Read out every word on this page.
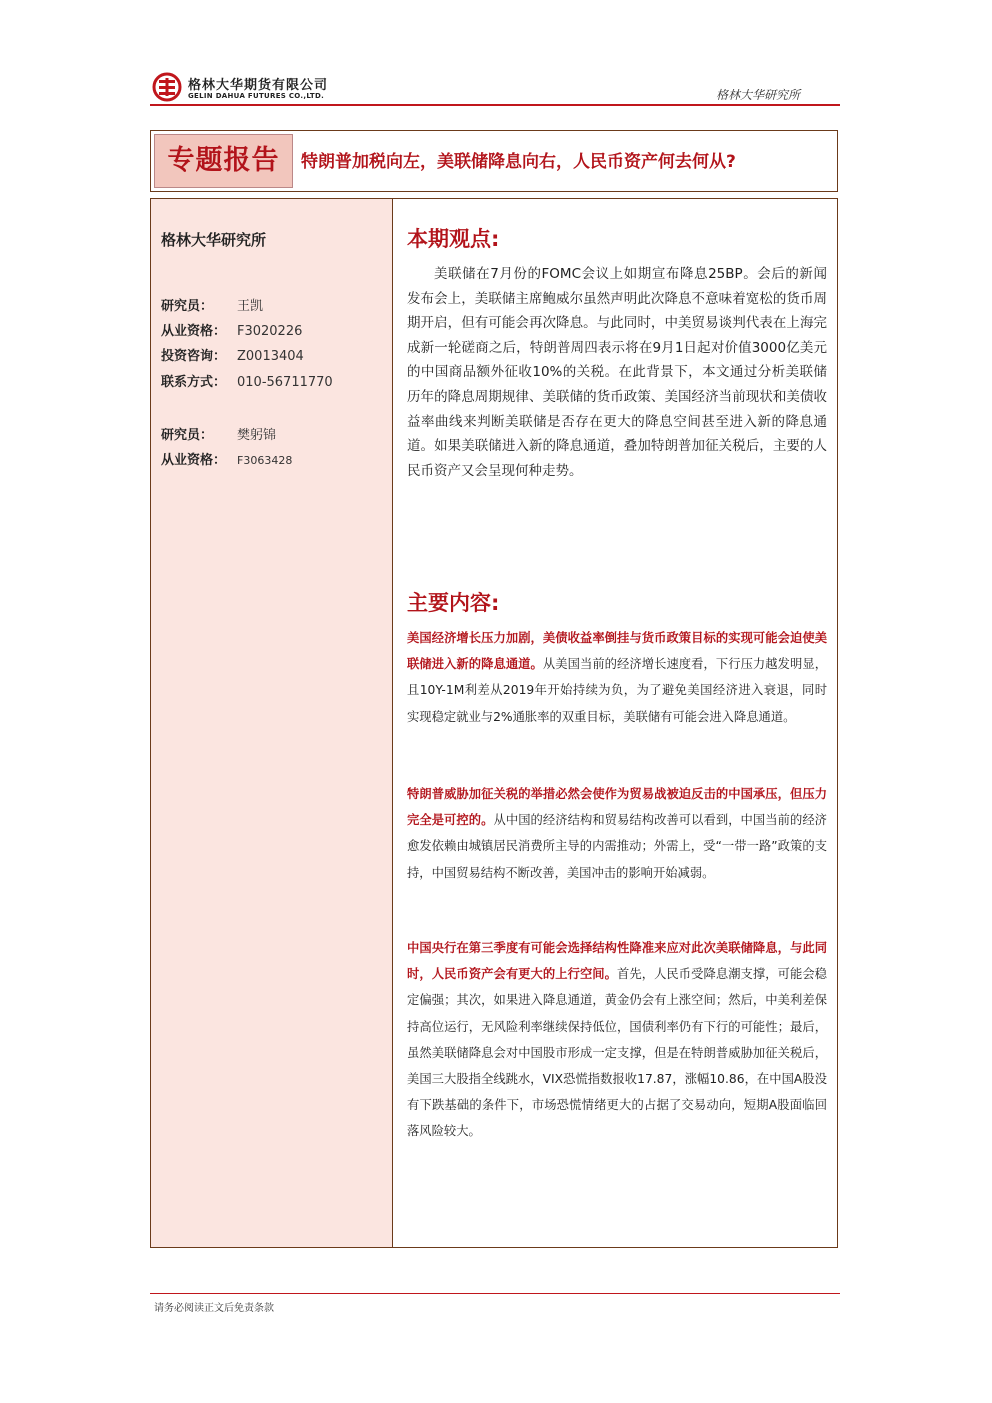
格林大华期货有限公司
GELIN DAHUA FUTURES CO.,LTD.	格林大华研究所
专题报告	特朗普加税向左，美联储降息向右，人民币资产何去何从?
格林大华研究所
研究员： 王凯
从业资格： F3020226
投资咨询： Z0013404
联系方式： 010-56711770
研究员： 樊躬锦
从业资格： F3063428
本期观点:
美联储在7月份的FOMC会议上如期宣布降息25BP。会后的新闻发布会上，美联储主席鲍威尔虽然声明此次降息不意味着宽松的货币周期开启，但有可能会再次降息。与此同时，中美贸易谈判代表在上海完成新一轮磋商之后，特朗普周四表示将在9月1日起对价值3000亿美元的中国商品额外征收10%的关税。在此背景下，本文通过分析美联储历年的降息周期规律、美联储的货币政策、美国经济当前现状和美债收益率曲线来判断美联储是否存在更大的降息空间甚至进入新的降息通道。如果美联储进入新的降息通道，叠加特朗普加征关税后，主要的人民币资产又会呈现何种走势。
主要内容:
美国经济增长压力加剧，美债收益率倒挂与货币政策目标的实现可能会迫使美联储进入新的降息通道。从美国当前的经济增长速度看，下行压力越发明显，且10Y-1M利差从2019年开始持续为负，为了避免美国经济进入衰退，同时实现稳定就业与2%通胀率的双重目标，美联储有可能会进入降息通道。
特朗普威胁加征关税的举措必然会使作为贸易战被迫反击的中国承压，但压力完全是可控的。从中国的经济结构和贸易结构改善可以看到，中国当前的经济愈发依赖由城镇居民消费所主导的内需推动；外需上，受“一带一路”政策的支持，中国贸易结构不断改善，美国冲击的影响开始减弱。
中国央行在第三季度有可能会选择结构性降准来应对此次美联储降息，与此同时，人民币资产会有更大的上行空间。首先，人民币受降息潮支撑，可能会稳定偏强；其次，如果进入降息通道，黄金仍会有上涨空间；然后，中美利差保持高位运行，无风险利率继续保持低位，国债利率仍有下行的可能性；最后，虽然美联储降息会对中国股市形成一定支撑，但是在特朗普威胁加征关税后，美国三大股指全线跳水，VIX恐慌指数报收17.87，涨幅10.86，在中国A股没有下跌基础的条件下，市场恐慌情绪更大的占据了交易动向，短期A股面临回落风险较大。
请务必阅读正文后免责条款
